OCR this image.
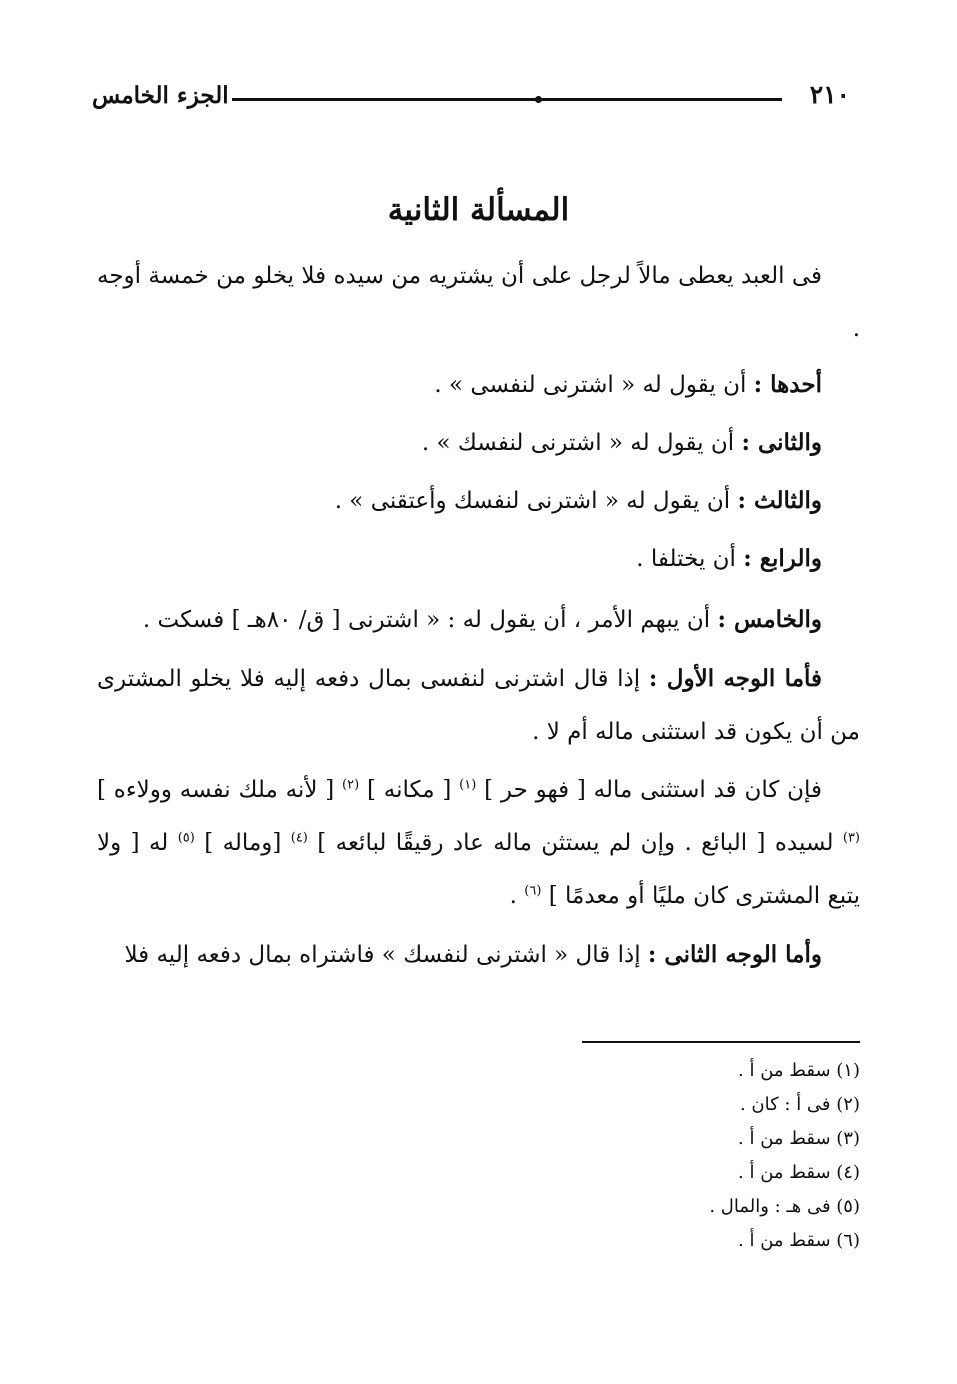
٢١٠
الجزء الخامس
المسألة الثانية

فى العبد يعطى مالاً لرجل على أن يشتريه من سيده فلا يخلو من خمسة أوجه .

أحدها : أن يقول له « اشترنى لنفسى » .
والثانى : أن يقول له « اشترنى لنفسك » .
والثالث : أن يقول له « اشترنى لنفسك وأعتقنى » .
والرابع : أن يختلفا .

والخامس : أن يبهم الأمر ، أن يقول له : « اشترنى [ ق/ ٨٠هـ ] فسكت .

فأما الوجه الأول : إذا قال اشترنى لنفسى بمال دفعه إليه فلا يخلو المشترى من أن يكون قد استثنى ماله أم لا .

فإن كان قد استثنى ماله [ فهو حر ] $^{(١)}$ [ مكانه ] $^{(٢)}$ [ لأنه ملك نفسه وولاءه ] $^{(٣)}$ لسيده [ البائع . وإن لم يستثن ماله عاد رقيقًا لبائعه ] $^{(٤)}$ [وماله ] $^{(٥)}$ له [ ولا يتبع المشترى كان مليًا أو معدمًا ] $^{(٦)}$ .

وأما الوجه الثانى : إذا قال « اشترنى لنفسك » فاشتراه بمال دفعه إليه فلا

(١) سقط من أ .
(٢) فى أ : كان .
(٣) سقط من أ .
(٤) سقط من أ .
(٥) فى هـ : والمال .
(٦) سقط من أ .
